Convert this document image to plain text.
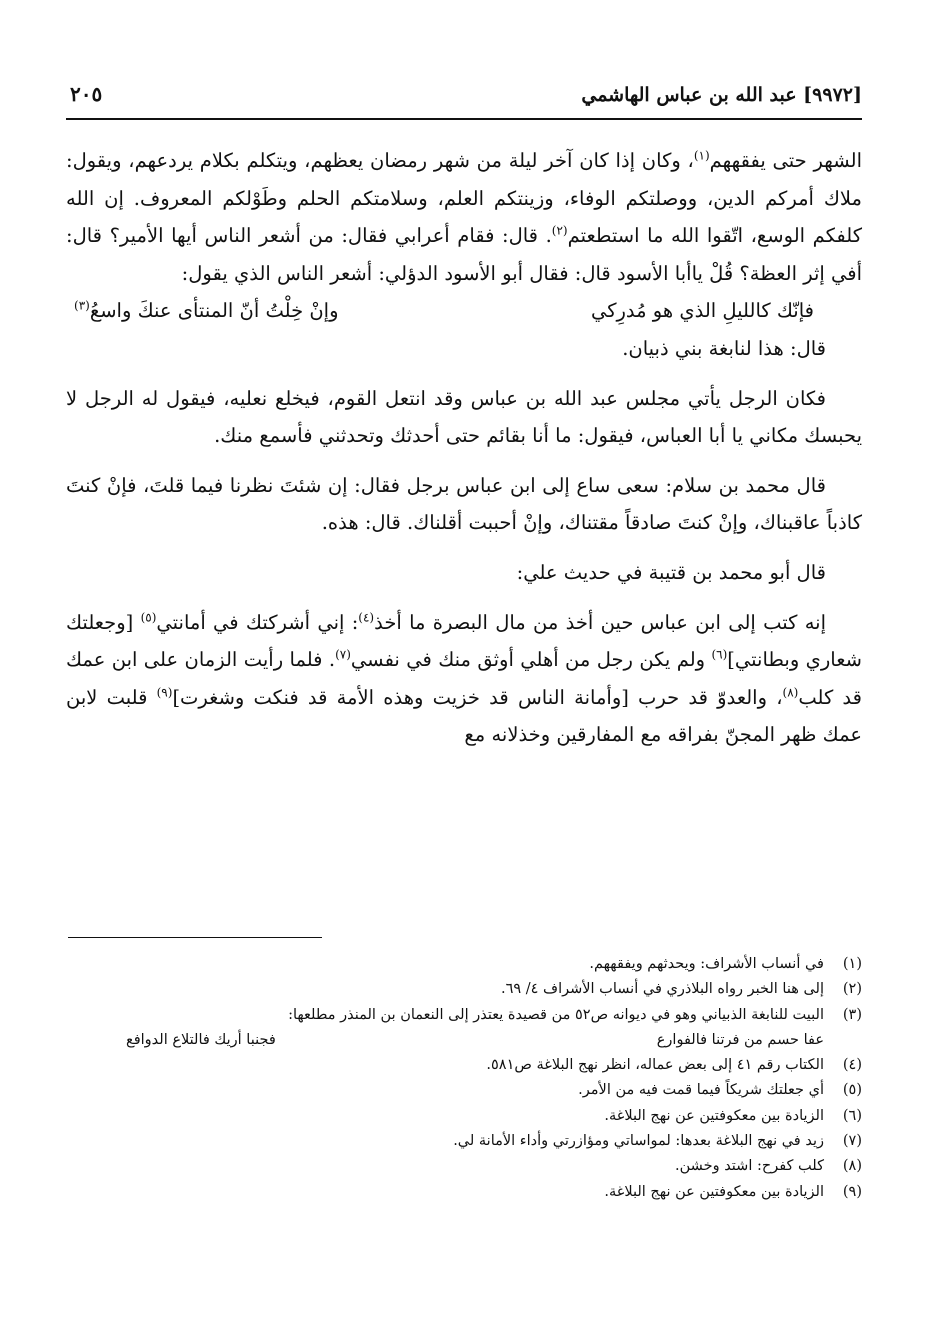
[٩٩٧٢] عبد الله بن عباس الهاشمي
٢٠٥

الشهر حتى يفقههم$^{(١)}$، وكان إذا كان آخر ليلة من شهر رمضان يعظهم، ويتكلم بكلام يردعهم، ويقول: ملاك أمركم الدين، ووصلتكم الوفاء، وزينتكم العلم، وسلامتكم الحلم وطَوْلكم المعروف. إن الله كلفكم الوسع، اتّقوا الله ما استطعتم$^{(٢)}$. قال: فقام أعرابي فقال: من أشعر الناس أيها الأمير؟ قال: أفي إثر العظة؟ قُلْ ياأبا الأسود قال: فقال أبو الأسود الدؤلي: أشعر الناس الذي يقول:

فإنّك كالليلِ الذي هو مُدرِكي
وإنْ خِلْتُ أنّ المنتأى عنكَ واسعُ$^{(٣)}$

قال: هذا لنابغة بني ذبيان.

فكان الرجل يأتي مجلس عبد الله بن عباس وقد انتعل القوم، فيخلع نعليه، فيقول له الرجل لا يحبسك مكاني يا أبا العباس، فيقول: ما أنا بقائم حتى أحدثك وتحدثني فأسمع منك.

قال محمد بن سلام: سعى ساع إلى ابن عباس برجل فقال: إن شئتَ نظرنا فيما قلتَ، فإنْ كنتَ كاذباً عاقبناك، وإنْ كنتَ صادقاً مقتناك، وإنْ أحببت أقلناك. قال: هذه.

قال أبو محمد بن قتيبة في حديث علي:

إنه كتب إلى ابن عباس حين أخذ من مال البصرة ما أخذ$^{(٤)}$: إني أشركتك في أمانتي$^{(٥)}$ [وجعلتك شعاري وبطانتي]$^{(٦)}$ ولم يكن رجل من أهلي أوثق منك في نفسي$^{(٧)}$. فلما رأيت الزمان على ابن عمك قد كلب$^{(٨)}$، والعدوّ قد حرب [وأمانة الناس قد خزيت وهذه الأمة قد فنكت وشغرت]$^{(٩)}$ قلبت لابن عمك ظهر المجنّ بفراقه مع المفارقين وخذلانه مع

(١)
في أنساب الأشراف: ويحدثهم ويفقههم.
(٢)
إلى هنا الخبر رواه البلاذري في أنساب الأشراف ٤/ ٦٩.
(٣)
البيت للنابغة الذبياني وهو في ديوانه ص٥٢ من قصيدة يعتذر إلى النعمان بن المنذر مطلعها:
عفا حسم من فرتنا فالفوارع
فجنبا أريك فالتلاع الدوافع
(٤)
الكتاب رقم ٤١ إلى بعض عماله، انظر نهج البلاغة ص٥٨١.
(٥)
أي جعلتك شريكاً فيما قمت فيه من الأمر.
(٦)
الزيادة بين معكوفتين عن نهج البلاغة.
(٧)
زيد في نهج البلاغة بعدها: لمواساتي ومؤازرتي وأداء الأمانة لي.
(٨)
كلب كفرح: اشتد وخشن.
(٩)
الزيادة بين معكوفتين عن نهج البلاغة.
